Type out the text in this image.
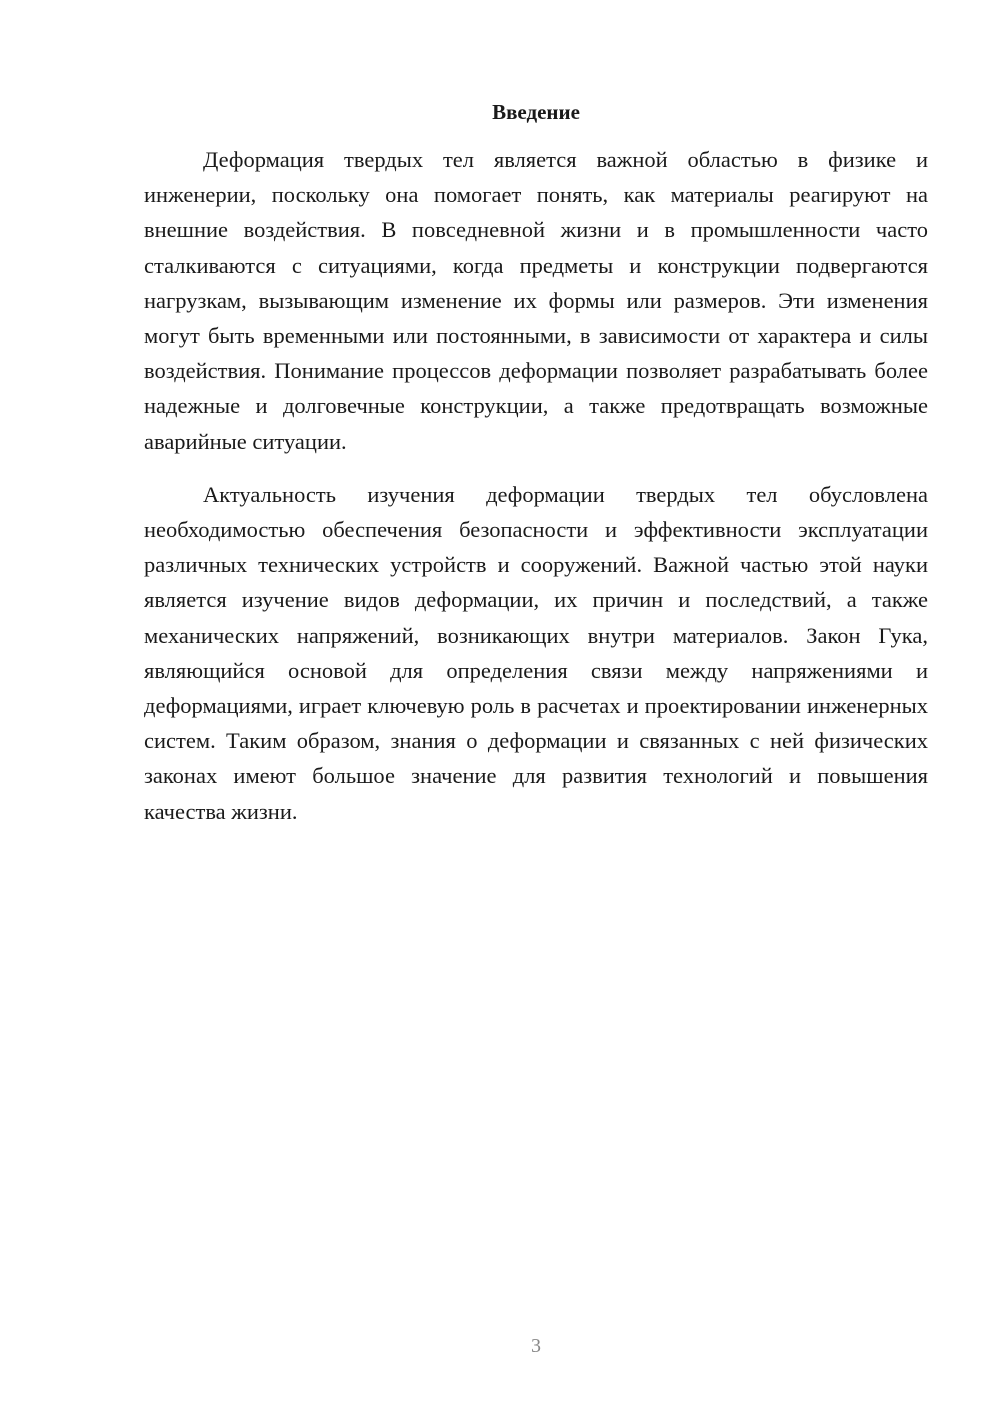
Введение

Деформация твердых тел является важной областью в физике и инженерии, поскольку она помогает понять, как материалы реагируют на внешние воздействия. В повседневной жизни и в промышленности часто сталкиваются с ситуациями, когда предметы и конструкции подвергаются нагрузкам, вызывающим изменение их формы или размеров. Эти изменения могут быть временными или постоянными, в зависимости от характера и силы воздействия. Понимание процессов деформации позволяет разрабатывать более надежные и долговечные конструкции, а также предотвращать возможные аварийные ситуации.

Актуальность изучения деформации твердых тел обусловлена необходимостью обеспечения безопасности и эффективности эксплуатации различных технических устройств и сооружений. Важной частью этой науки является изучение видов деформации, их причин и последствий, а также механических напряжений, возникающих внутри материалов. Закон Гука, являющийся основой для определения связи между напряжениями и деформациями, играет ключевую роль в расчетах и проектировании инженерных систем. Таким образом, знания о деформации и связанных с ней физических законах имеют большое значение для развития технологий и повышения качества жизни.

3
